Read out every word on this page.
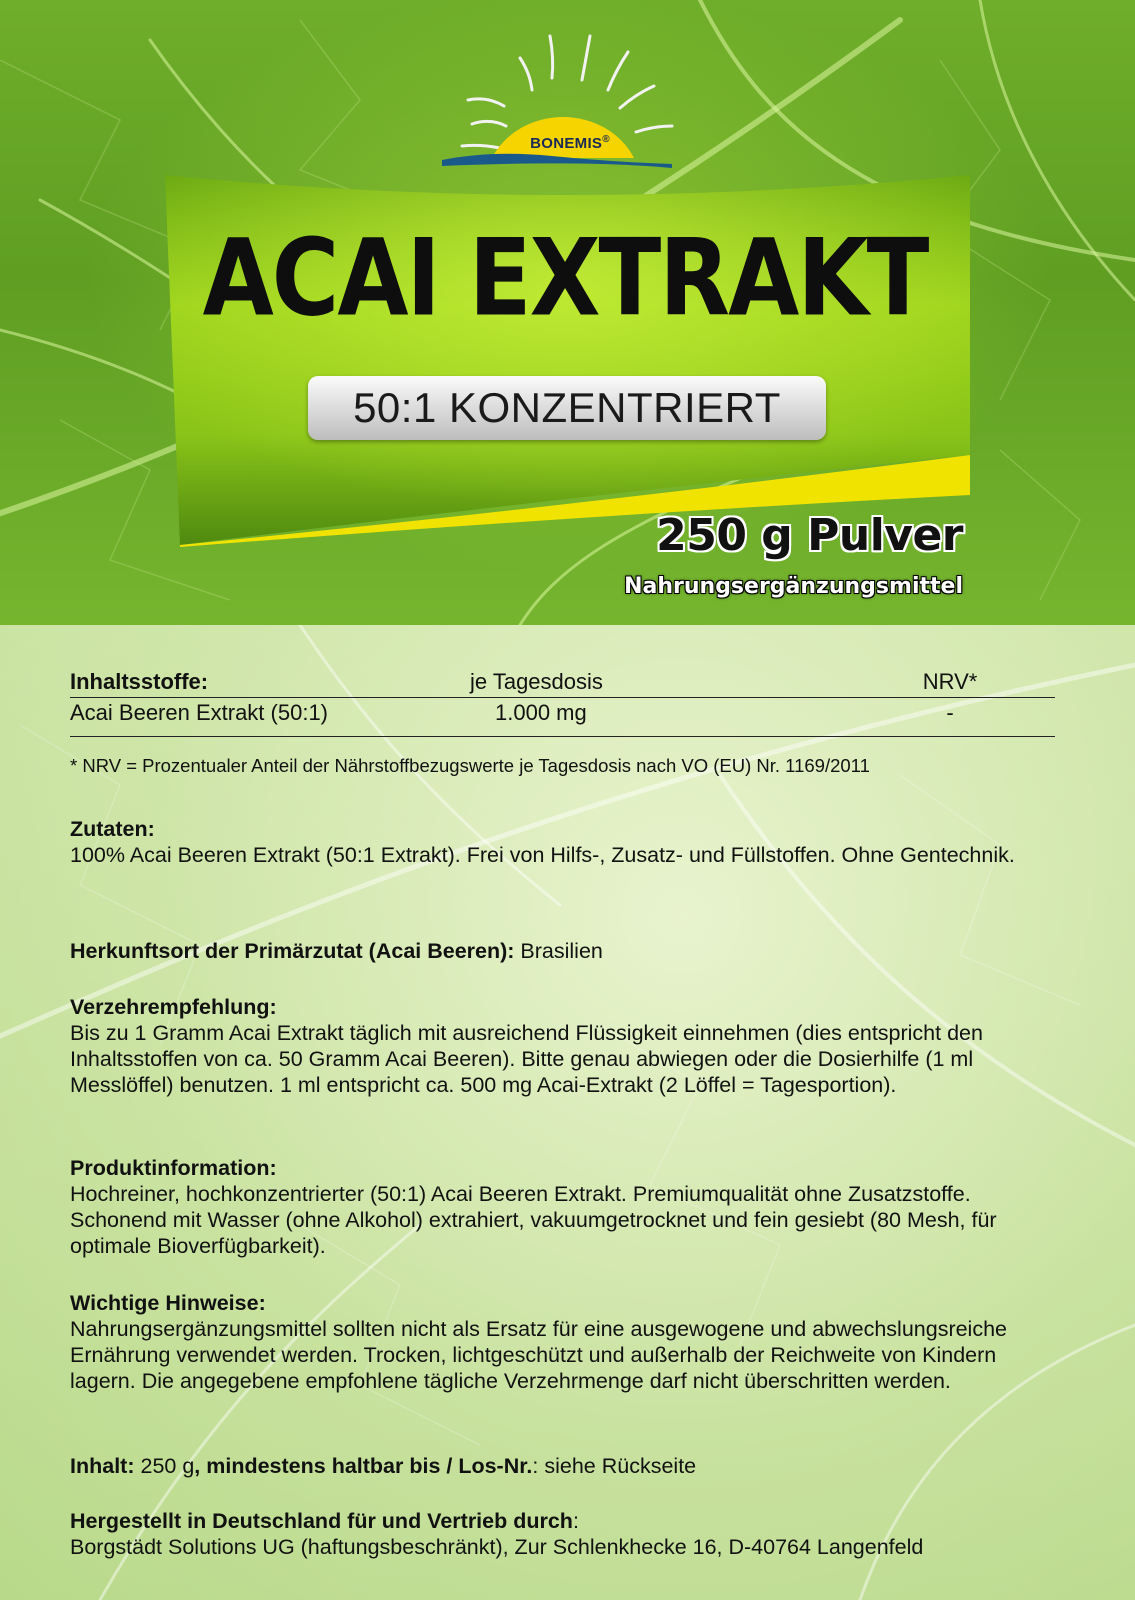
BONEMIS®
ACAI EXTRAKT
50:1 KONZENTRIERT
250 g Pulver
Nahrungsergänzungsmittel
Inhaltsstoffe:	je Tagesdosis	NRV*
Acai Beeren Extrakt (50:1)	1.000 mg	-
* NRV = Prozentualer Anteil der Nährstoffbezugswerte je Tagesdosis nach VO (EU) Nr. 1169/2011

Zutaten:

100% Acai Beeren Extrakt (50:1 Extrakt). Frei von Hilfs-, Zusatz- und Füllstoffen. Ohne Gentechnik.

Herkunftsort der Primärzutat (Acai Beeren): Brasilien

Verzehrempfehlung:

Bis zu 1 Gramm Acai Extrakt täglich mit ausreichend Flüssigkeit einnehmen (dies entspricht den Inhaltsstoffen von ca. 50 Gramm Acai Beeren). Bitte genau abwiegen oder die Dosierhilfe (1 ml Messlöffel) benutzen. 1 ml entspricht ca. 500 mg Acai-Extrakt (2 Löffel = Tagesportion).

Produktinformation:

Hochreiner, hochkonzentrierter (50:1) Acai Beeren Extrakt. Premiumqualität ohne Zusatzstoffe. Schonend mit Wasser (ohne Alkohol) extrahiert, vakuumgetrocknet und fein gesiebt (80 Mesh, für optimale Bioverfügbarkeit).

Wichtige Hinweise:

Nahrungsergänzungsmittel sollten nicht als Ersatz für eine ausgewogene und abwechslungsreiche Ernährung verwendet werden. Trocken, lichtgeschützt und außerhalb der Reichweite von Kindern lagern. Die angegebene empfohlene tägliche Verzehrmenge darf nicht überschritten werden.

Inhalt: 250 g, mindestens haltbar bis / Los-Nr.: siehe Rückseite

Hergestellt in Deutschland für und Vertrieb durch:

Borgstädt Solutions UG (haftungsbeschränkt), Zur Schlenkhecke 16, D-40764 Langenfeld
